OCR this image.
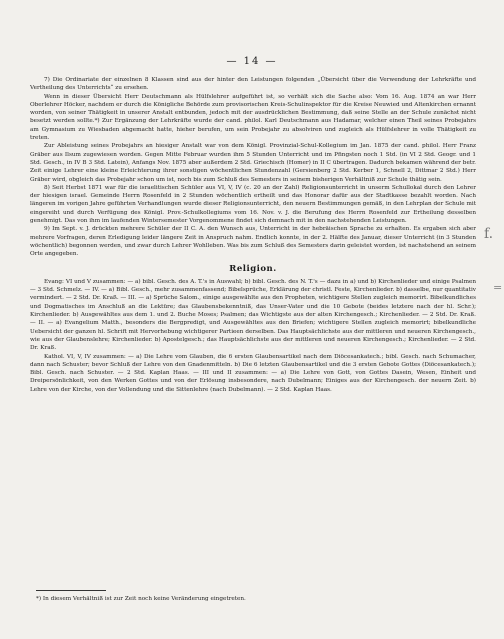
— 14 —

7) Die Ordinariate der einzelnen 8 Klassen sind aus der hinter den Leistungen folgenden „Übersicht über die Verwendung der Lehrkräfte und Vertheilung des Unterrichts“ zu ersehen.

Wenn in dieser Übersicht Herr Deutschmann als Hülfslehrer aufgeführt ist, so verhält sich die Sache also: Vom 16. Aug. 1874 an war Herr Oberlehrer Höcker, nachdem er durch die Königliche Behörde zum provisorischen Kreis-Schulinspektor für die Kreise Neuwied und Altenkirchen ernannt worden, von seiner Thätigkeit in unserer Anstalt entbunden, jedoch mit der ausdrücklichen Bestimmung, daß seine Stelle an der Schule zunächst nicht besetzt werden sollte.*) Zur Ergänzung der Lehrkräfte wurde der cand. philol. Karl Deutschmann aus Hadamar, welcher einen Theil seines Probejahrs am Gymnasium zu Wiesbaden abgemacht hatte, hieher berufen, um sein Probejahr zu absolviren und zugleich als Hülfslehrer in volle Thätigkeit zu treten.

Zur Ableistung seines Probejahrs an hiesiger Anstalt war von dem Königl. Provinzial-Schul-Kollegium im Jan. 1875 der cand. philol. Herr Franz Gräber aus Ilsum zugewiesen worden. Gegen Mitte Februar wurden ihm 5 Stunden Unterricht und im Pfingsten noch 1 Std. (in VI 2 Std. Geogr. und 1 Std. Gesch., in IV B 3 Std. Latein), Anfangs Nov. 1875 aber außerdem 2 Std. Griechisch (Homer) in II C übertragen. Dadurch bekamen während der betr. Zeit einige Lehrer eine kleine Erleichterung ihrer sonstigen wöchentlichen Stundenzahl (Gersienberg 2 Std. Kerber 1, Schnell 2, Dittmar 2 Std.) Herr Gräber wird, obgleich das Probejahr schon um ist, noch bis zum Schluß des Semesters in seinem bisherigen Verhältniß zur Schule thätig sein.

8) Seit Herbst 1871 war für die israelitischen Schüler aus VI, V, IV (c. 20 an der Zahl) Religionsunterricht in unserm Schullokal durch den Lehrer der hiesigen israel. Gemeinde Herrn Rosenfeld in 2 Stunden wöchentlich ertheilt und das Honorar dafür aus der Stadtkasse bezahlt worden. Nach längeren im vorigen Jahre geführten Verhandlungen wurde dieser Religionsunterricht, den neuern Bestimmungen gemäß, in den Lehrplan der Schule mit eingereiht und durch Verfügung des Königl. Prov.-Schulkollegiums vom 16. Nov. v. J. die Berufung des Herrn Rosenfeld zur Ertheilung desselben genehmigt. Das von ihm im laufenden Wintersemester Vorgenommene findet sich demnach mit in den nachstehenden Leistungen.

9) Im Sept. v. J. drückten mehrere Schüler der II C. A. den Wunsch aus, Unterricht in der hebräischen Sprache zu erhalten. Es ergaben sich aber mehrere Vorfragen, deren Erledigung leider längere Zeit in Anspruch nahm. Endlich konnte, in der 2. Hälfte des Januar, dieser Unterricht (in 3 Stunden wöchentlich) begonnen werden, und zwar durch Lehrer Wohlleben. Was bis zum Schluß des Semesters darin geleistet worden, ist nachstehend an seinem Orte angegeben.

Religion.

Evang: VI und V zusammen: — a) bibl. Gesch. des A. T.'s in Auswahl; b) bibl. Gesch. des N. T.'s — dazu in a) und b) Kirchenlieder und einige Psalmen — 3 Std. Schmelz. — IV. — a) Bibl. Gesch., mehr zusammenfassend; Bibelsprüche, Erklärung der christl. Feste, Kirchenlieder. b) dasselbe, nur quantitativ vermindert. — 2 Std. Dr. Kraß. — III. — a) Sprüche Salom., einige ausgewählte aus den Propheten, wichtigere Stellen zugleich memorirt. Bibelkundliches und Dogmatisches im Anschluß an die Lektüre; das Glaubensbekenntniß, das Unser-Vater und die 10 Gebote (beides letztere nach der hl. Schr.); Kirchenlieder. b) Ausgewähltes aus dem 1. und 2. Buche Moses; Psalmen; das Wichtigste aus der alten Kirchengesch.; Kirchenlieder. — 2 Std. Dr. Kraß. — II. — a) Evangelium Matth., besonders die Bergpredigt, und Ausgewähltes aus den Briefen; wichtigere Stellen zugleich memorirt; bibelkundliche Uebersicht der ganzen hl. Schrift mit Hervorhebung wichtigerer Partieen derselben. Das Hauptsächlichste aus der mittleren und neueren Kirchengesch., wie aus der Glaubenslehre; Kirchenlieder. b) Apostelgesch.; das Hauptsächlichste aus der mittleren und neueren Kirchengesch.; Kirchenlieder. — 2 Std. Dr. Kraß.

Kathol. VI, V, IV zusammen: — a) Die Lehre vom Glauben, die 6 ersten Glaubensartikel nach dem Diöcesankatech.; bibl. Gesch. nach Schumacher, dann nach Schuster; bevor Schluß der Lehre von den Gnadenmitteln. b) Die 6 letzten Glaubensartikel und die 3 ersten Gebote Gottes (Diöcesankatech.); Bibl. Gesch. nach Schuster. — 2 Std. Kaplan Haas. — III und II zusammen: — a) Die Lehre von Gott, von Gottes Dasein, Wesen, Einheit und Dreipersönlichkeit, von den Werken Gottes und von der Erlösung insbesondere, nach Dubelmann; Einiges aus der Kirchengesch. der neuern Zeit. b) Lehre von der Kirche, von der Vollendung und die Sittenlehre (nach Dubelmann). — 2 Std. Kaplan Haas.

*) In diesem Verhältniß ist zur Zeit noch keine Veränderung eingetreten.
f.
=
